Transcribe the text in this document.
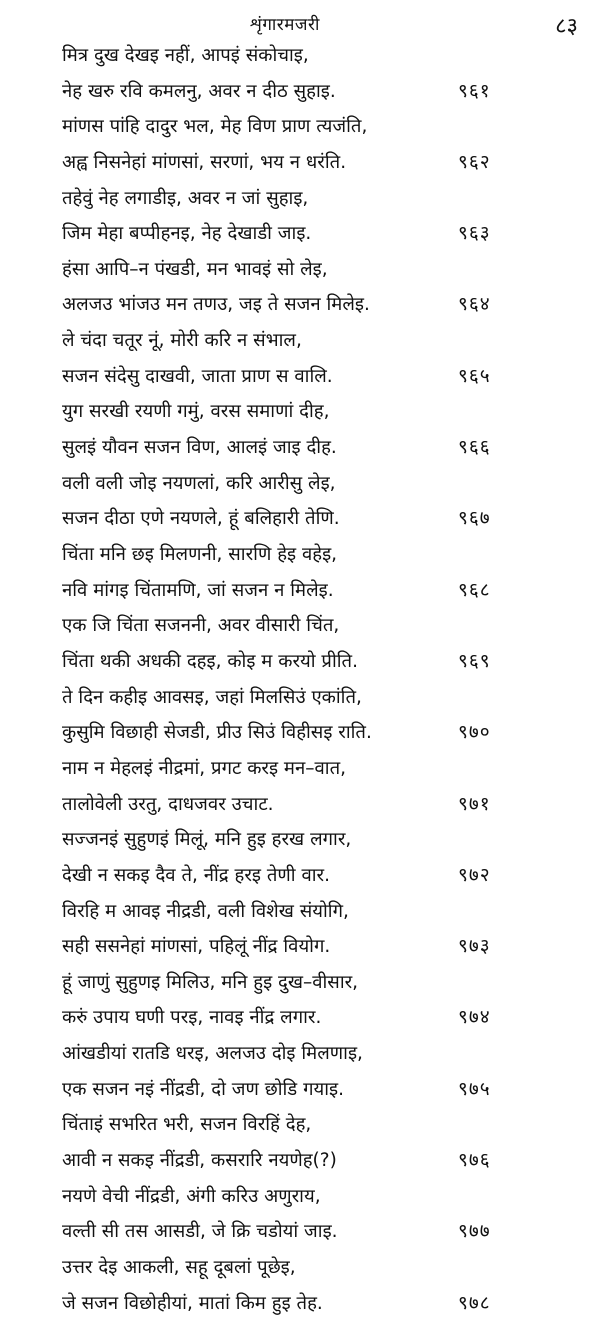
शृंगारमजरी	८३
मित्र दुख देखइ नहीं, आपइं संकोचाइ,
नेह खरु रवि कमलनु, अवर न दीठ सुहाइ.	९६१
मांणस पांहि दादुर भल, मेह विण प्राण त्यजंति,
अह्व निसनेहां मांणसां, सरणां, भय न धरंति.	९६२
तहेवुं नेह लगाडीइ, अवर न जां सुहाइ,
जिम मेहा बप्पीहनइ, नेह देखाडी जाइ.	९६३
हंसा आपि–न पंखडी, मन भावइं सो लेइ,
अलजउ भांजउ मन तणउ, जइ ते सजन मिलेइ.	९६४
ले चंदा चतूर नूं, मोरी करि न संभाल,
सजन संदेसु दाखवी, जाता प्राण स वालि.	९६५
युग सरखी रयणी गमुं, वरस समाणां दीह,
सुलइं यौवन सजन विण, आलइं जाइ दीह.	९६६
वली वली जोइ नयणलां, करि आरीसु लेइ,
सजन दीठा एणे नयणले, हूं बलिहारी तेणि.	९६७
चिंता मनि छइ मिलणनी, सारणि हेइ वहेइ,
नवि मांगइ चिंतामणि, जां सजन न मिलेइ.	९६८
एक जि चिंता सजननी, अवर वीसारी चिंत,
चिंता थकी अधकी दहइ, कोइ म करयो प्रीति.	९६९
ते दिन कहीइ आवसइ, जहां मिलसिउं एकांति,
कुसुमि विछाही सेजडी, प्रीउ सिउं विहीसइ राति.	९७०
नाम न मेहलइं नीद्रमां, प्रगट करइ मन–वात,
तालोवेली उरतु, दाधजवर उचाट.	९७१
सज्जनइं सुहुणइं मिलूं, मनि हुइ हरख लगार,
देखी न सकइ दैव ते, नींद्र हरइ तेणी वार.	९७२
विरहि म आवइ नीद्रडी, वली विशेख संयोगि,
सही ससनेहां मांणसां, पहिलूं नींद्र वियोग.	९७३
हूं जाणुं सुहुणइ मिलिउ, मनि हुइ दुख–वीसार,
करुं उपाय घणी परइ, नावइ नींद्र लगार.	९७४
आंखडीयां रातडि धरइ, अलजउ दोइ मिलणाइ,
एक सजन नइं नींद्रडी, दो जण छोडि गयाइ.	९७५
चिंताइं सभरित भरी, सजन विरहिं देह,
आवी न सकइ नींद्रडी, कसरारि नयणेह(?)	९७६
नयणे वेची नींद्रडी, अंगी करिउ अणुराय,
वल्ती सी तस आसडी, जे क्रि चडोयां जाइ.	९७७
उत्तर देइ आकली, सहू दूबलां पूछेइ,
जे सजन विछोहीयां, मातां किम हुइ तेह.	९७८
